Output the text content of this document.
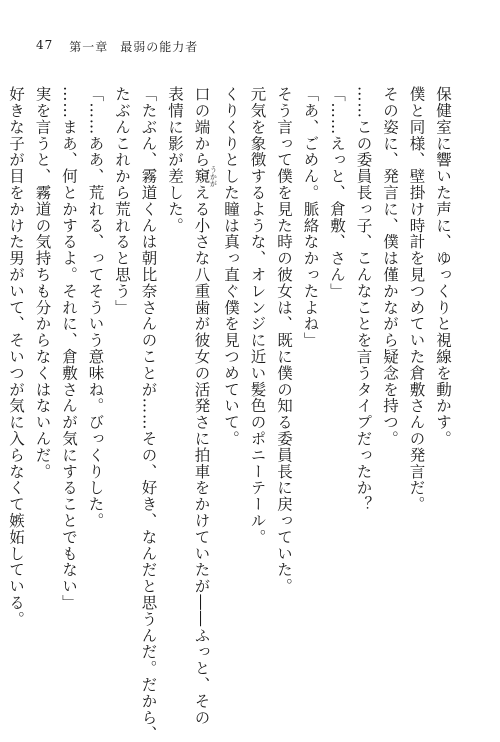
47 第一章 最弱の能力者
保健室に響いた声に、ゆっくりと視線を動かす。
僕と同様、壁掛け時計を見つめていた倉敷さんの発言だ。
その姿に、発言に、僕は僅かながら疑念を持つ。
……この委員長っ子、こんなことを言うタイプだったか？
「……えっと、倉敷、さん」
「あ、ごめん。脈絡なかったよね」
そう言って僕を見た時の彼女は、既に僕の知る委員長に戻っていた。
元気を象徴するような、オレンジに近い髪色のポニーテール。
くりくりとした瞳は真っ直ぐ僕を見つめていて。
口の端から窺 うかがえる小さな八重歯が彼女の活発さに拍車をかけていたが――ふっと、その
表情に影が差した。
「たぶん、霧道くんは朝比奈さんのことが……その、好き、なんだと思うんだ。だから、
たぶんこれから荒れると思う」
「……ああ、荒れる、ってそういう意味ね。びっくりした。
……まあ、何とかするよ。それに、倉敷さんが気にすることでもない」
実を言うと、霧道の気持ちも分からなくはないんだ。
好きな子が目をかけた男がいて、そいつが気に入らなくて嫉妬している。
